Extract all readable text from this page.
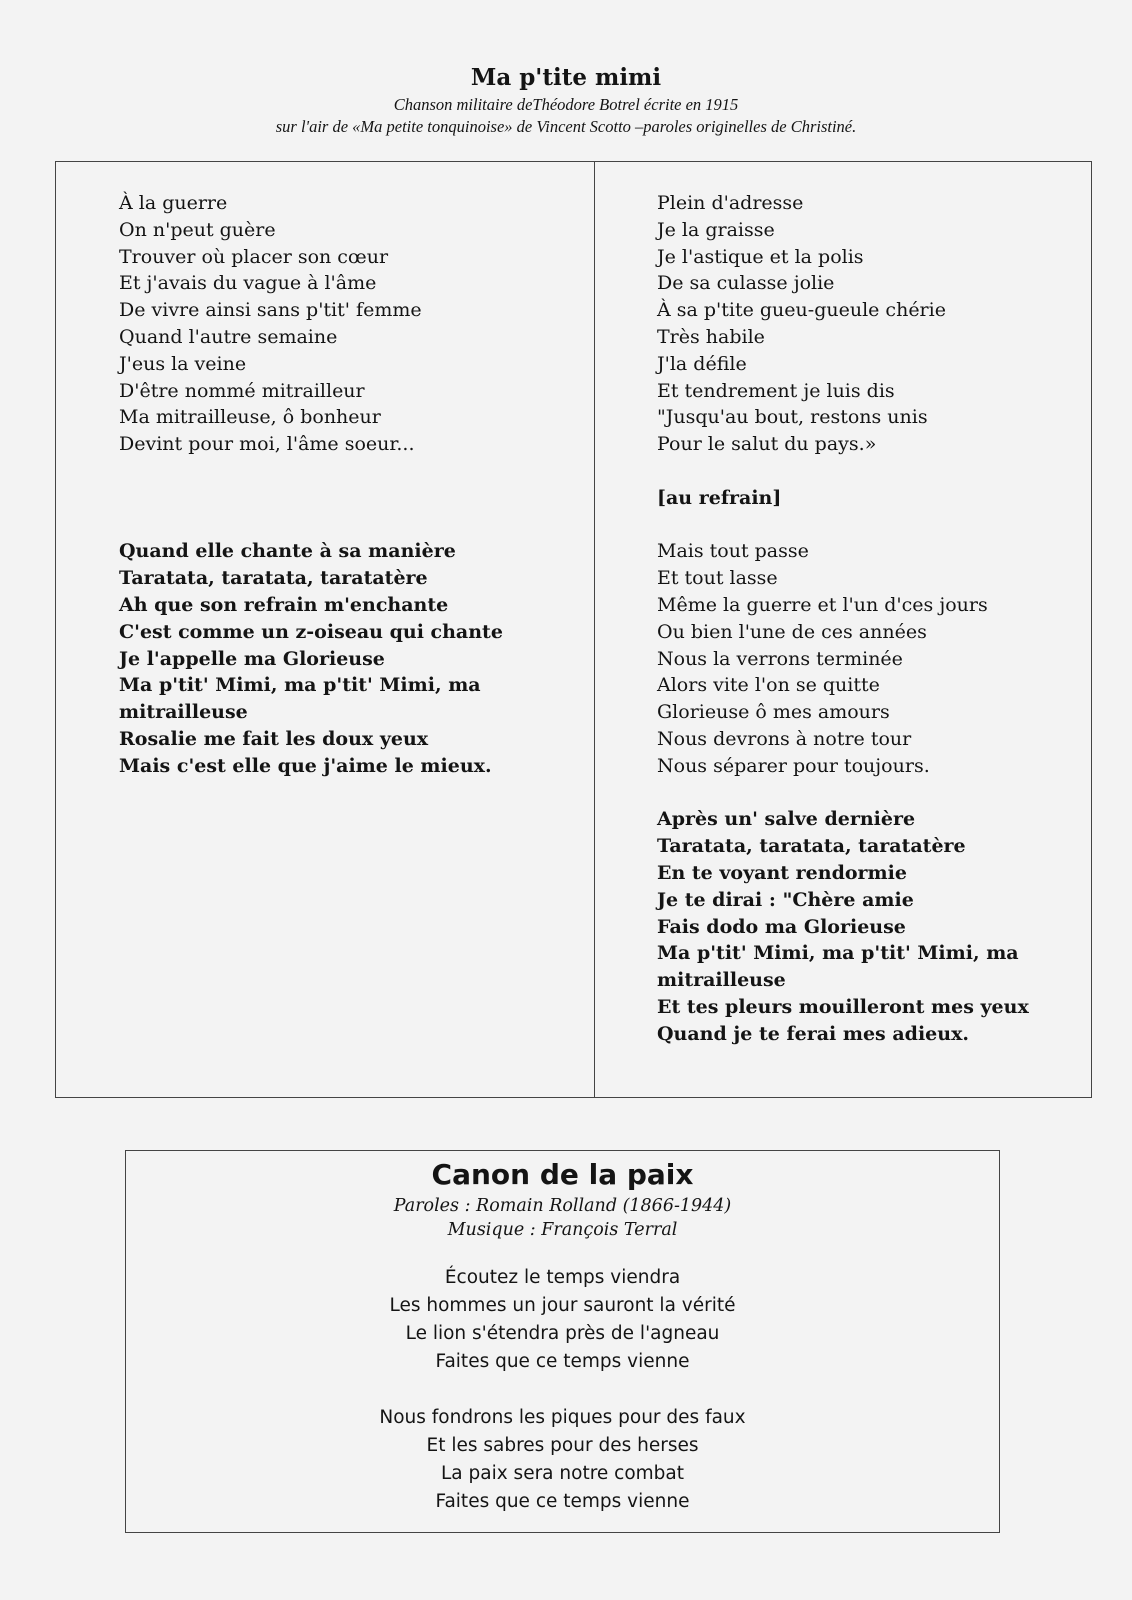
Ma p'tite mimi
Chanson militaire deThéodore Botrel écrite en 1915
sur l'air de «Ma petite tonquinoise» de Vincent Scotto –paroles originelles de Christiné.
À la guerre
On n'peut guère
Trouver où placer son cœur
Et j'avais du vague à l'âme
De vivre ainsi sans p'tit' femme
Quand l'autre semaine
J'eus la veine
D'être nommé mitrailleur
Ma mitrailleuse, ô bonheur
Devint pour moi, l'âme soeur...
Quand elle chante à sa manière
Taratata, taratata, taratatère
Ah que son refrain m'enchante
C'est comme un z-oiseau qui chante
Je l'appelle ma Glorieuse
Ma p'tit' Mimi, ma p'tit' Mimi, ma
mitrailleuse
Rosalie me fait les doux yeux
Mais c'est elle que j'aime le mieux.
Plein d'adresse
Je la graisse
Je l'astique et la polis
De sa culasse jolie
À sa p'tite gueu-gueule chérie
Très habile
J'la défile
Et tendrement je luis dis
"Jusqu'au bout, restons unis
Pour le salut du pays.»
[au refrain]
Mais tout passe
Et tout lasse
Même la guerre et l'un d'ces jours
Ou bien l'une de ces années
Nous la verrons terminée
Alors vite l'on se quitte
Glorieuse ô mes amours
Nous devrons à notre tour
Nous séparer pour toujours.
Après un' salve dernière
Taratata, taratata, taratatère
En te voyant rendormie
Je te dirai : "Chère amie
Fais dodo ma Glorieuse
Ma p'tit' Mimi, ma p'tit' Mimi, ma
mitrailleuse
Et tes pleurs mouilleront mes yeux
Quand je te ferai mes adieux.
Canon de la paix
Paroles : Romain Rolland (1866-1944)
Musique : François Terral
Écoutez le temps viendra
Les hommes un jour sauront la vérité
Le lion s'étendra près de l'agneau
Faites que ce temps vienne
Nous fondrons les piques pour des faux
Et les sabres pour des herses
La paix sera notre combat
Faites que ce temps vienne
